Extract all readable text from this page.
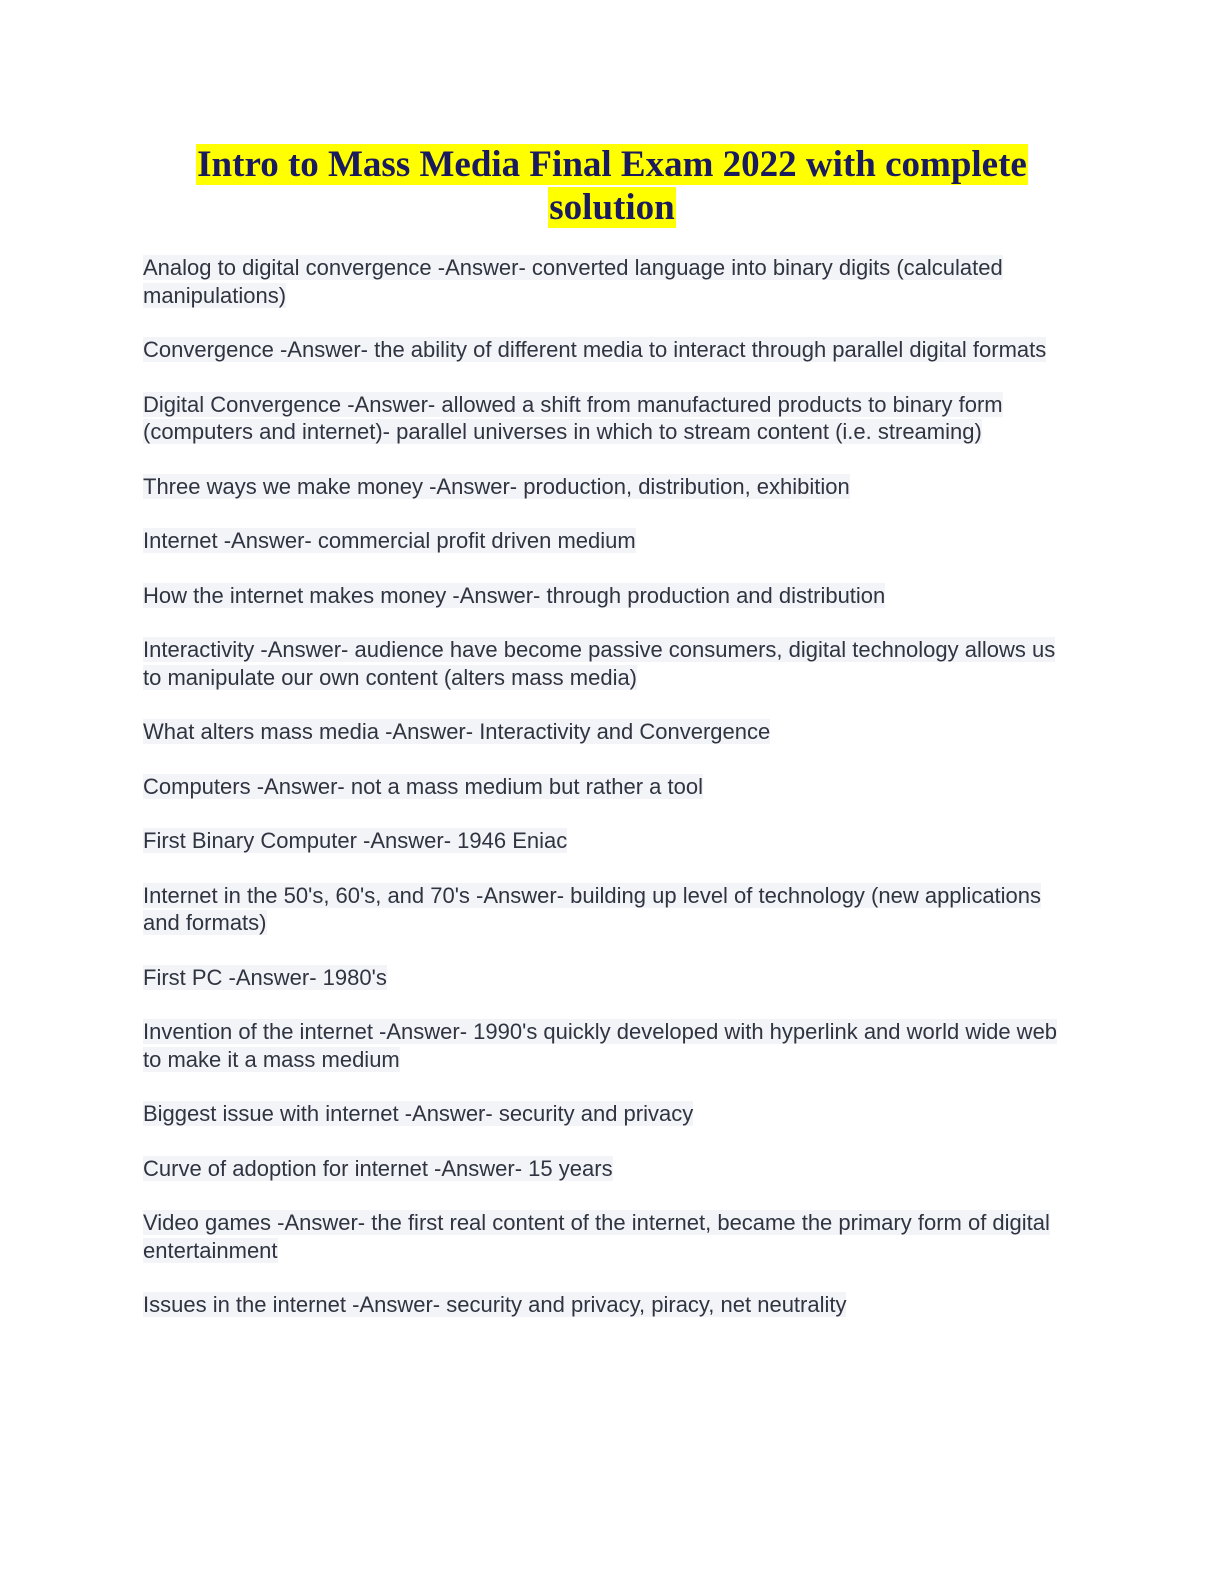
Intro to Mass Media Final Exam 2022 with complete solution
Analog to digital convergence -Answer- converted language into binary digits (calculated manipulations)
Convergence -Answer- the ability of different media to interact through parallel digital formats
Digital Convergence -Answer- allowed a shift from manufactured products to binary form (computers and internet)- parallel universes in which to stream content (i.e. streaming)
Three ways we make money -Answer- production, distribution, exhibition
Internet -Answer- commercial profit driven medium
How the internet makes money -Answer- through production and distribution
Interactivity -Answer- audience have become passive consumers, digital technology allows us to manipulate our own content (alters mass media)
What alters mass media -Answer- Interactivity and Convergence
Computers -Answer- not a mass medium but rather a tool
First Binary Computer -Answer- 1946 Eniac
Internet in the 50's, 60's, and 70's -Answer- building up level of technology (new applications and formats)
First PC -Answer- 1980's
Invention of the internet -Answer- 1990's quickly developed with hyperlink and world wide web to make it a mass medium
Biggest issue with internet -Answer- security and privacy
Curve of adoption for internet -Answer- 15 years
Video games -Answer- the first real content of the internet, became the primary form of digital entertainment
Issues in the internet -Answer- security and privacy, piracy, net neutrality
